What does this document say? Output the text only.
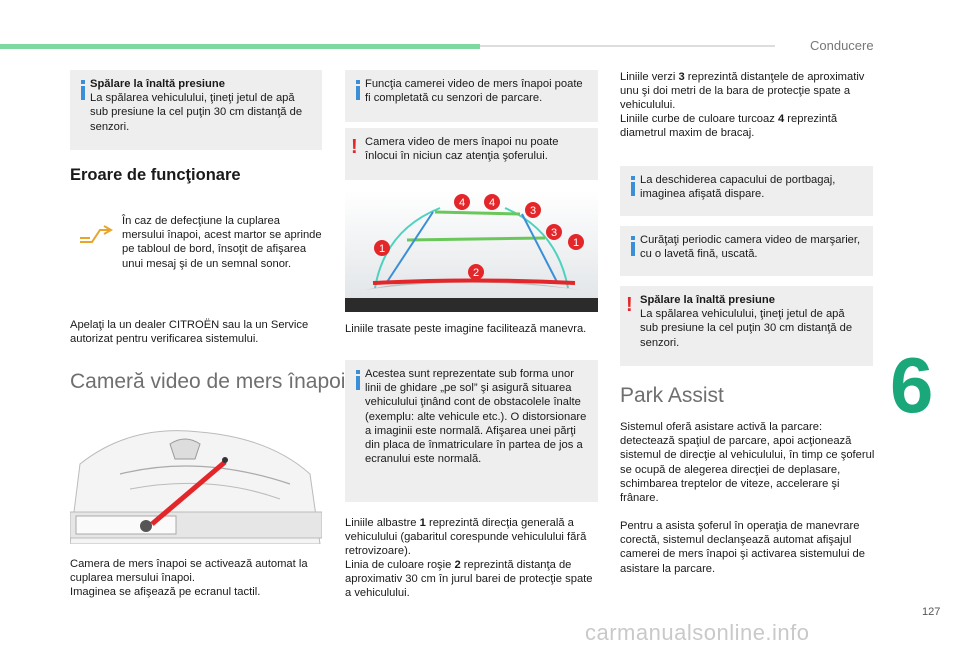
Conducere
6
127
carmanualsonline.info
Spălare la înaltă presiune
La spălarea vehiculului, ţineţi jetul de apă sub presiune la cel puţin 30 cm distanţă de senzori.
Eroare de funcţionare
În caz de defecţiune la cuplarea mersului înapoi, acest martor se aprinde pe tabloul de bord, însoţit de afişarea unui mesaj şi de un semnal sonor.
Apelaţi la un dealer CITROËN sau la un Service autorizat pentru verificarea sistemului.
Cameră video de mers înapoi
Camera de mers înapoi se activează automat la cuplarea mersului înapoi.
Imaginea se afişează pe ecranul tactil.
Funcţia camerei video de mers înapoi poate fi completată cu senzori de parcare.
! Camera video de mers înapoi nu poate înlocui în niciun caz atenţia şoferului.
4 4
3
3
1	1
2
Liniile trasate peste imagine facilitează manevra.
Acestea sunt reprezentate sub forma unor linii de ghidare „pe sol” şi asigură situarea vehiculului ţinând cont de obstacolele înalte (exemplu: alte vehicule etc.). O distorsionare a imaginii este normală. Afişarea unei părţi din placa de înmatriculare în partea de jos a ecranului este normală.
Liniile albastre 1 reprezintă direcţia generală a vehiculului (gabaritul corespunde vehiculului fără retrovizoare).
Linia de culoare roşie 2 reprezintă distanţa de aproximativ 30 cm în jurul barei de protecţie spate a vehiculului.
Liniile verzi 3 reprezintă distanţele de aproximativ unu şi doi metri de la bara de protecţie spate a vehiculului.
Liniile curbe de culoare turcoaz 4 reprezintă diametrul maxim de bracaj.
La deschiderea capacului de portbagaj, imaginea afişată dispare.
Curăţaţi periodic camera video de marşarier, cu o lavetă fină, uscată.
! Spălare la înaltă presiune
La spălarea vehiculului, ţineţi jetul de apă sub presiune la cel puţin 30 cm distanţă de senzori.
Park Assist
Sistemul oferă asistare activă la parcare: detectează spaţiul de parcare, apoi acţionează sistemul de direcţie al vehiculului, în timp ce şoferul se ocupă de alegerea direcţiei de deplasare, schimbarea treptelor de viteze, accelerare şi frânare.
Pentru a asista şoferul în operaţia de manevrare corectă, sistemul declanşează automat afişajul camerei de mers înapoi şi activarea sistemului de asistare la parcare.
